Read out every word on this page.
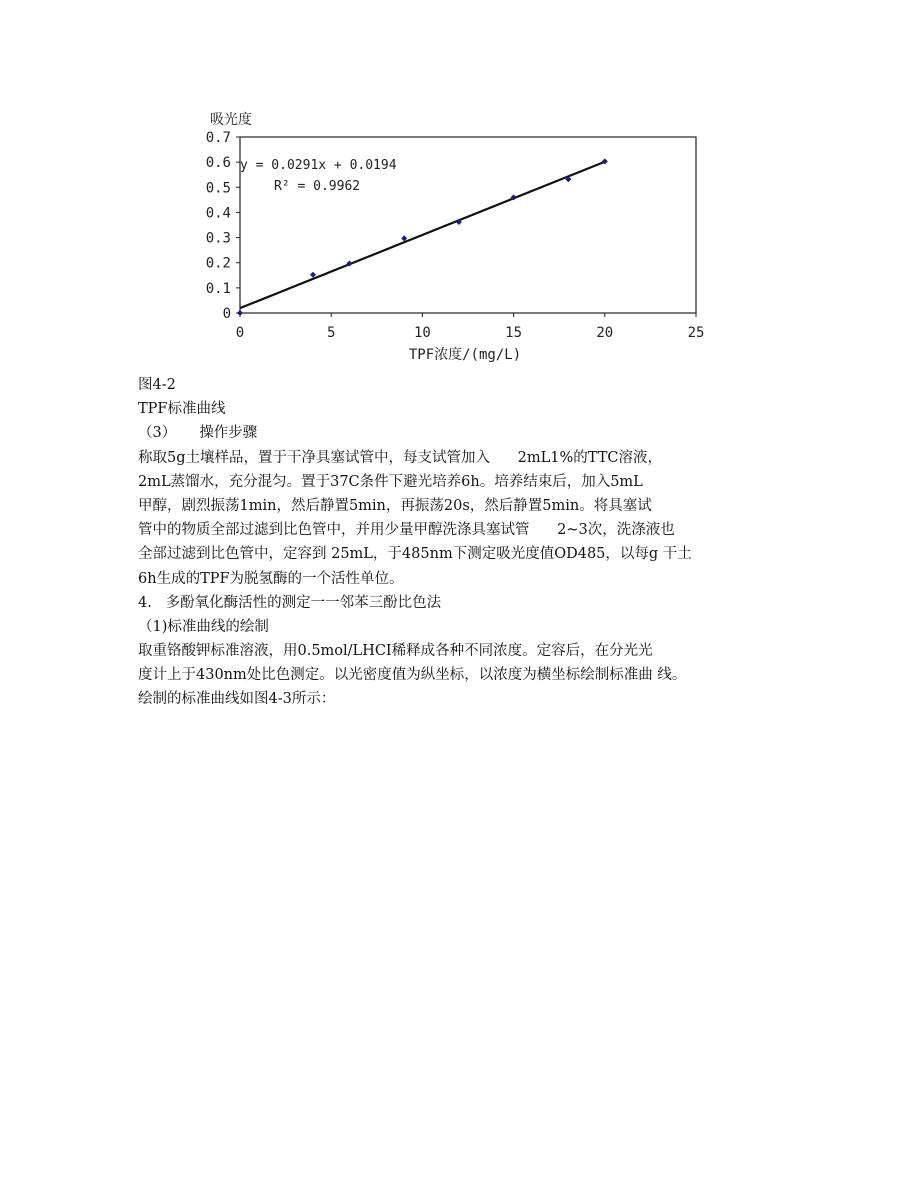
吸光度
0
0.1
0.2
0.3
0.4
0.5
0.6
0.7
0	5	10	15	20	25
y = 0.0291x + 0.0194
R² = 0.9962
TPF浓度/(mg/L)
图4-2
TPF标准曲线
（3）     操作步骤
称取5g土壤样品，置于干净具塞试管中，每支试管加入      2mL1%的TTC溶液，
2mL蒸馏水，充分混匀。置于37C条件下避光培养6h。培养结束后，加入5mL
甲醇，剧烈振荡1min，然后静置5min，再振荡20s，然后静置5min。将具塞试
管中的物质全部过滤到比色管中，并用少量甲醇洗涤具塞试管      2~3次，洗涤液也
全部过滤到比色管中，定容到 25mL，于485nm下测定吸光度值OD485，以每g 干土
6h生成的TPF为脱氢酶的一个活性单位。
4.   多酚氧化酶活性的测定一一邻苯三酚比色法
（1)标准曲线的绘制
取重铬酸钾标准溶液，用0.5mol/LHCI稀释成各种不同浓度。定容后，在分光光
度计上于430nm处比色测定。以光密度值为纵坐标，以浓度为横坐标绘制标准曲 线。
绘制的标准曲线如图4-3所示：
